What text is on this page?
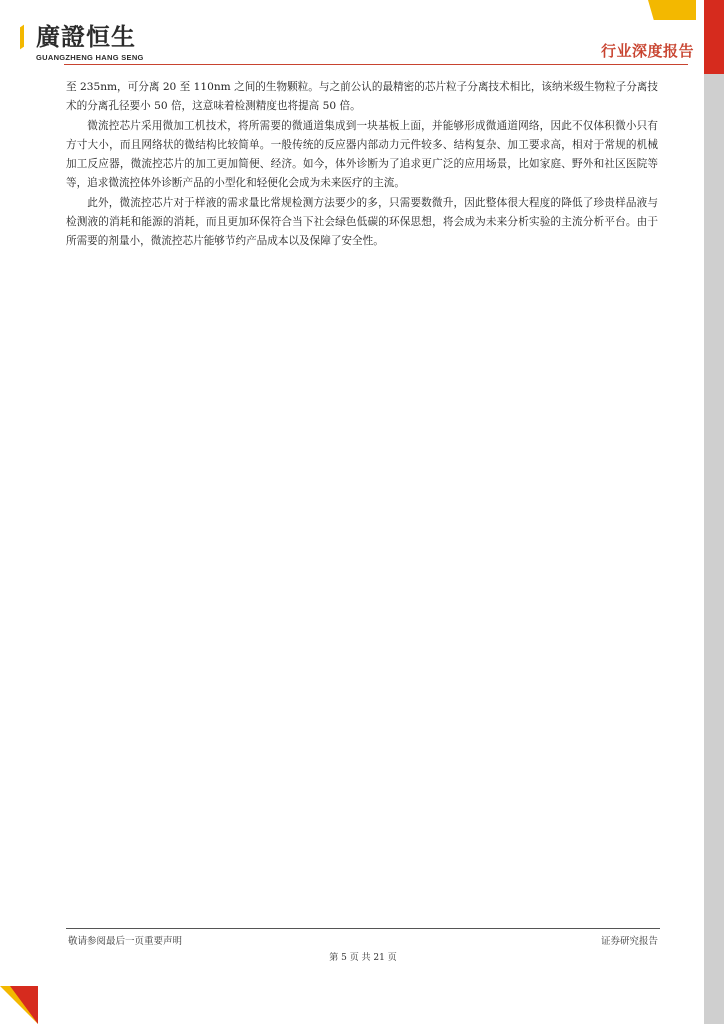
廣證恒生
GUANGZHENG HANG SENG	行业深度报告

至 235nm，可分离 20 至 110nm 之间的生物颗粒。与之前公认的最精密的芯片粒子分离技术相比，该纳米级生物粒子分离技术的分离孔径要小 50 倍，这意味着检测精度也将提高 50 倍。

微流控芯片采用微加工机技术，将所需要的微通道集成到一块基板上面，并能够形成微通道网络，因此不仅体积微小只有方寸大小，而且网络状的微结构比较简单。一般传统的反应器内部动力元件较多、结构复杂、加工要求高，相对于常规的机械加工反应器，微流控芯片的加工更加简便、经济。如今，体外诊断为了追求更广泛的应用场景，比如家庭、野外和社区医院等等，追求微流控体外诊断产品的小型化和轻便化会成为未来医疗的主流。

此外，微流控芯片对于样液的需求量比常规检测方法要少的多，只需要数微升，因此整体很大程度的降低了珍贵样品液与检测液的消耗和能源的消耗，而且更加环保符合当下社会绿色低碳的环保思想，将会成为未来分析实验的主流分析平台。由于所需要的剂量小，微流控芯片能够节约产品成本以及保障了安全性。

敬请参阅最后一页重要声明	证券研究报告
第 5 页 共 21 页
